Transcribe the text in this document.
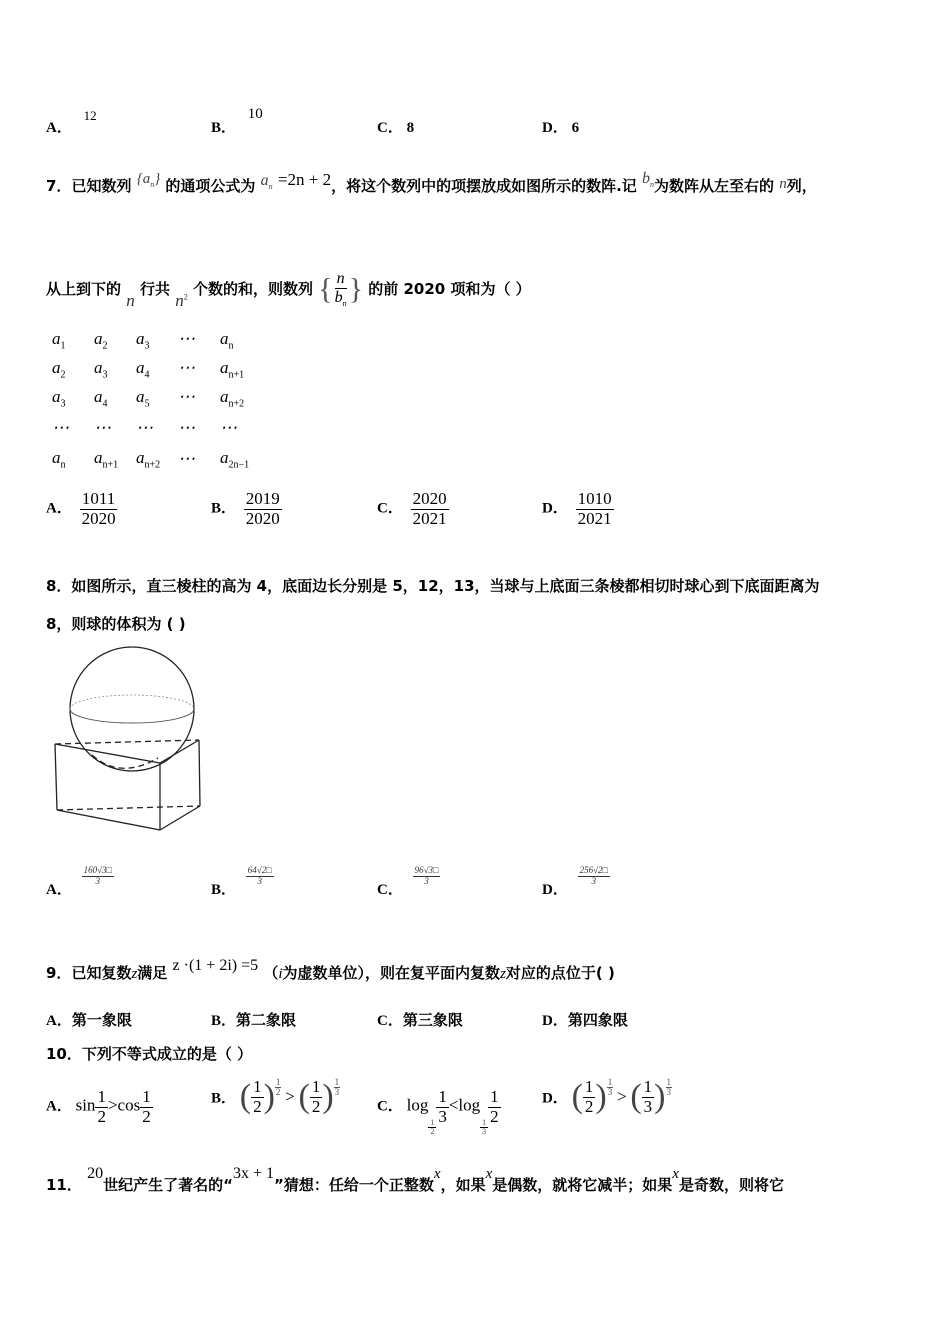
A． 12
B． 10
C． 8	D． 6
7．已知数列 $\{a_n\}$ 的通项公式为 $a_n =2n + 2$，将这个数列中的项摆放成如图所示的数阵.记 $b_n$为数阵从左至右的 n列，
从上到下的 n 行共 $n^2$ 个数的和，则数列 { $\frac{n}{b_n}$ } 的前 2020 项和为（ ）
$a_1$	$a_2$	$a_3$	⋯	$a_n$
$a_2$	$a_3$	$a_4$	⋯	$a_{n+1}$
$a_3$	$a_4$	$a_5$	⋯	$a_{n+2}$
⋯	⋯	⋯	⋯	⋯
$a_n$	$a_{n+1}$	$a_{n+2}$	⋯	$a_{2n-1}$
A． $\frac{1011}{2020}$	B． $\frac{2019}{2020}$	C． $\frac{2020}{2021}$	D． $\frac{1010}{2021}$
8．如图所示，直三棱柱的高为 4，底面边长分别是 5，12，13，当球与上底面三条棱都相切时球心到下底面距离为
8，则球的体积为 ( )
A．
$\frac{160√3□}{3}$
B．
$\frac{64√2□}{3}$
C．
$\frac{96√3□}{3}$
D．
$\frac{256√2□}{3}$
9．已知复数z满足 z ·(1 + 2i) =5 （i为虚数单位），则在复平面内复数z对应的点位于( )
A．第一象限	B．第二象限	C．第三象限	D．第四象限
10．下列不等式成立的是（ ）
A． $\sin \frac{1}{2} >\cos \frac{1}{2}$	B． ( $\frac{1}{2}$ ) $\frac{1}{2}$ > ( $\frac{1}{2}$ ) $\frac{1}{3}$
C． log
$\frac{1}{2}$
$\frac{1}{3} <\log$
$\frac{1}{3}$
$\frac{1}{2}$	D． ( $\frac{1}{2}$ ) $\frac{1}{3}$ > ( $\frac{1}{3}$ ) $\frac{1}{3}$
11． 20世纪产生了著名的“3x + 1”猜想：任给一个正整数x，如果x是偶数，就将它减半；如果x是奇数，则将它
